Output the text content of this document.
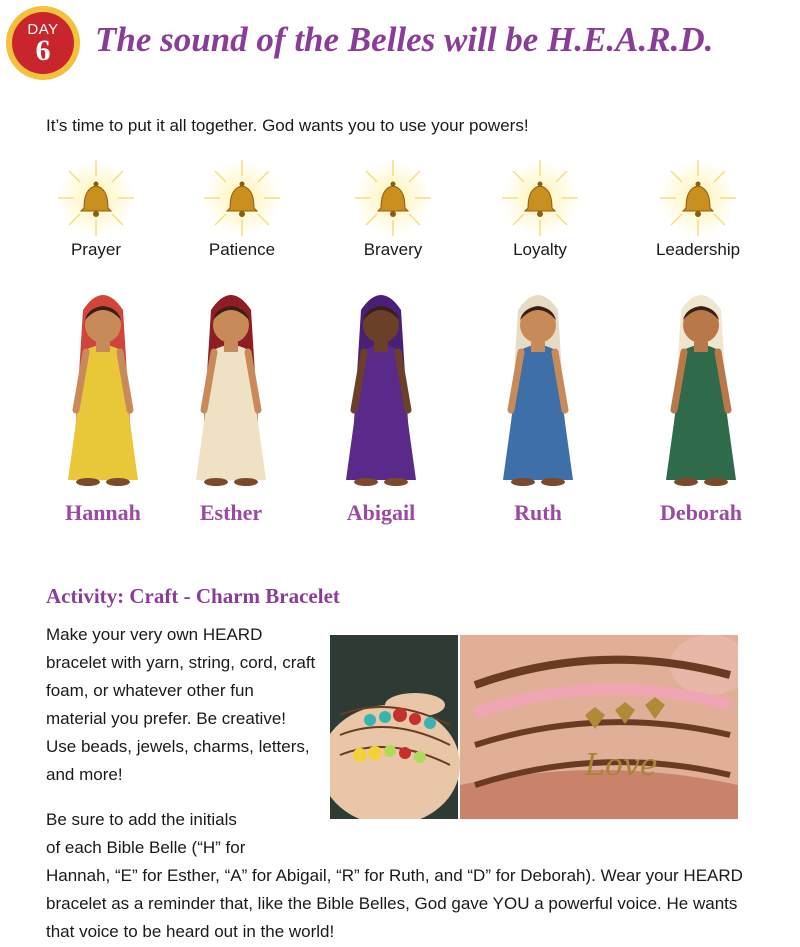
DAY
6 The sound of the Belles will be H.E.A.R.D.

It’s time to put it all together. God wants you to use your powers!

Prayer	Patience	Bravery	Loyalty	Leadership
Hannah	Esther	Abigail	Ruth	Deborah
Activity: Craft - Charm Bracelet

Make your very own HEARD bracelet with yarn, string, cord, craft foam, or whatever other fun material you prefer. Be creative! Use beads, jewels, charms, letters, and more!	Love

Be sure to add the initials
of each Bible Belle (“H” for
Hannah, “E” for Esther, “A” for Abigail, “R” for Ruth, and “D” for Deborah). Wear your HEARD bracelet as a reminder that, like the Bible Belles, God gave YOU a powerful voice. He wants that voice to be heard out in the world!
